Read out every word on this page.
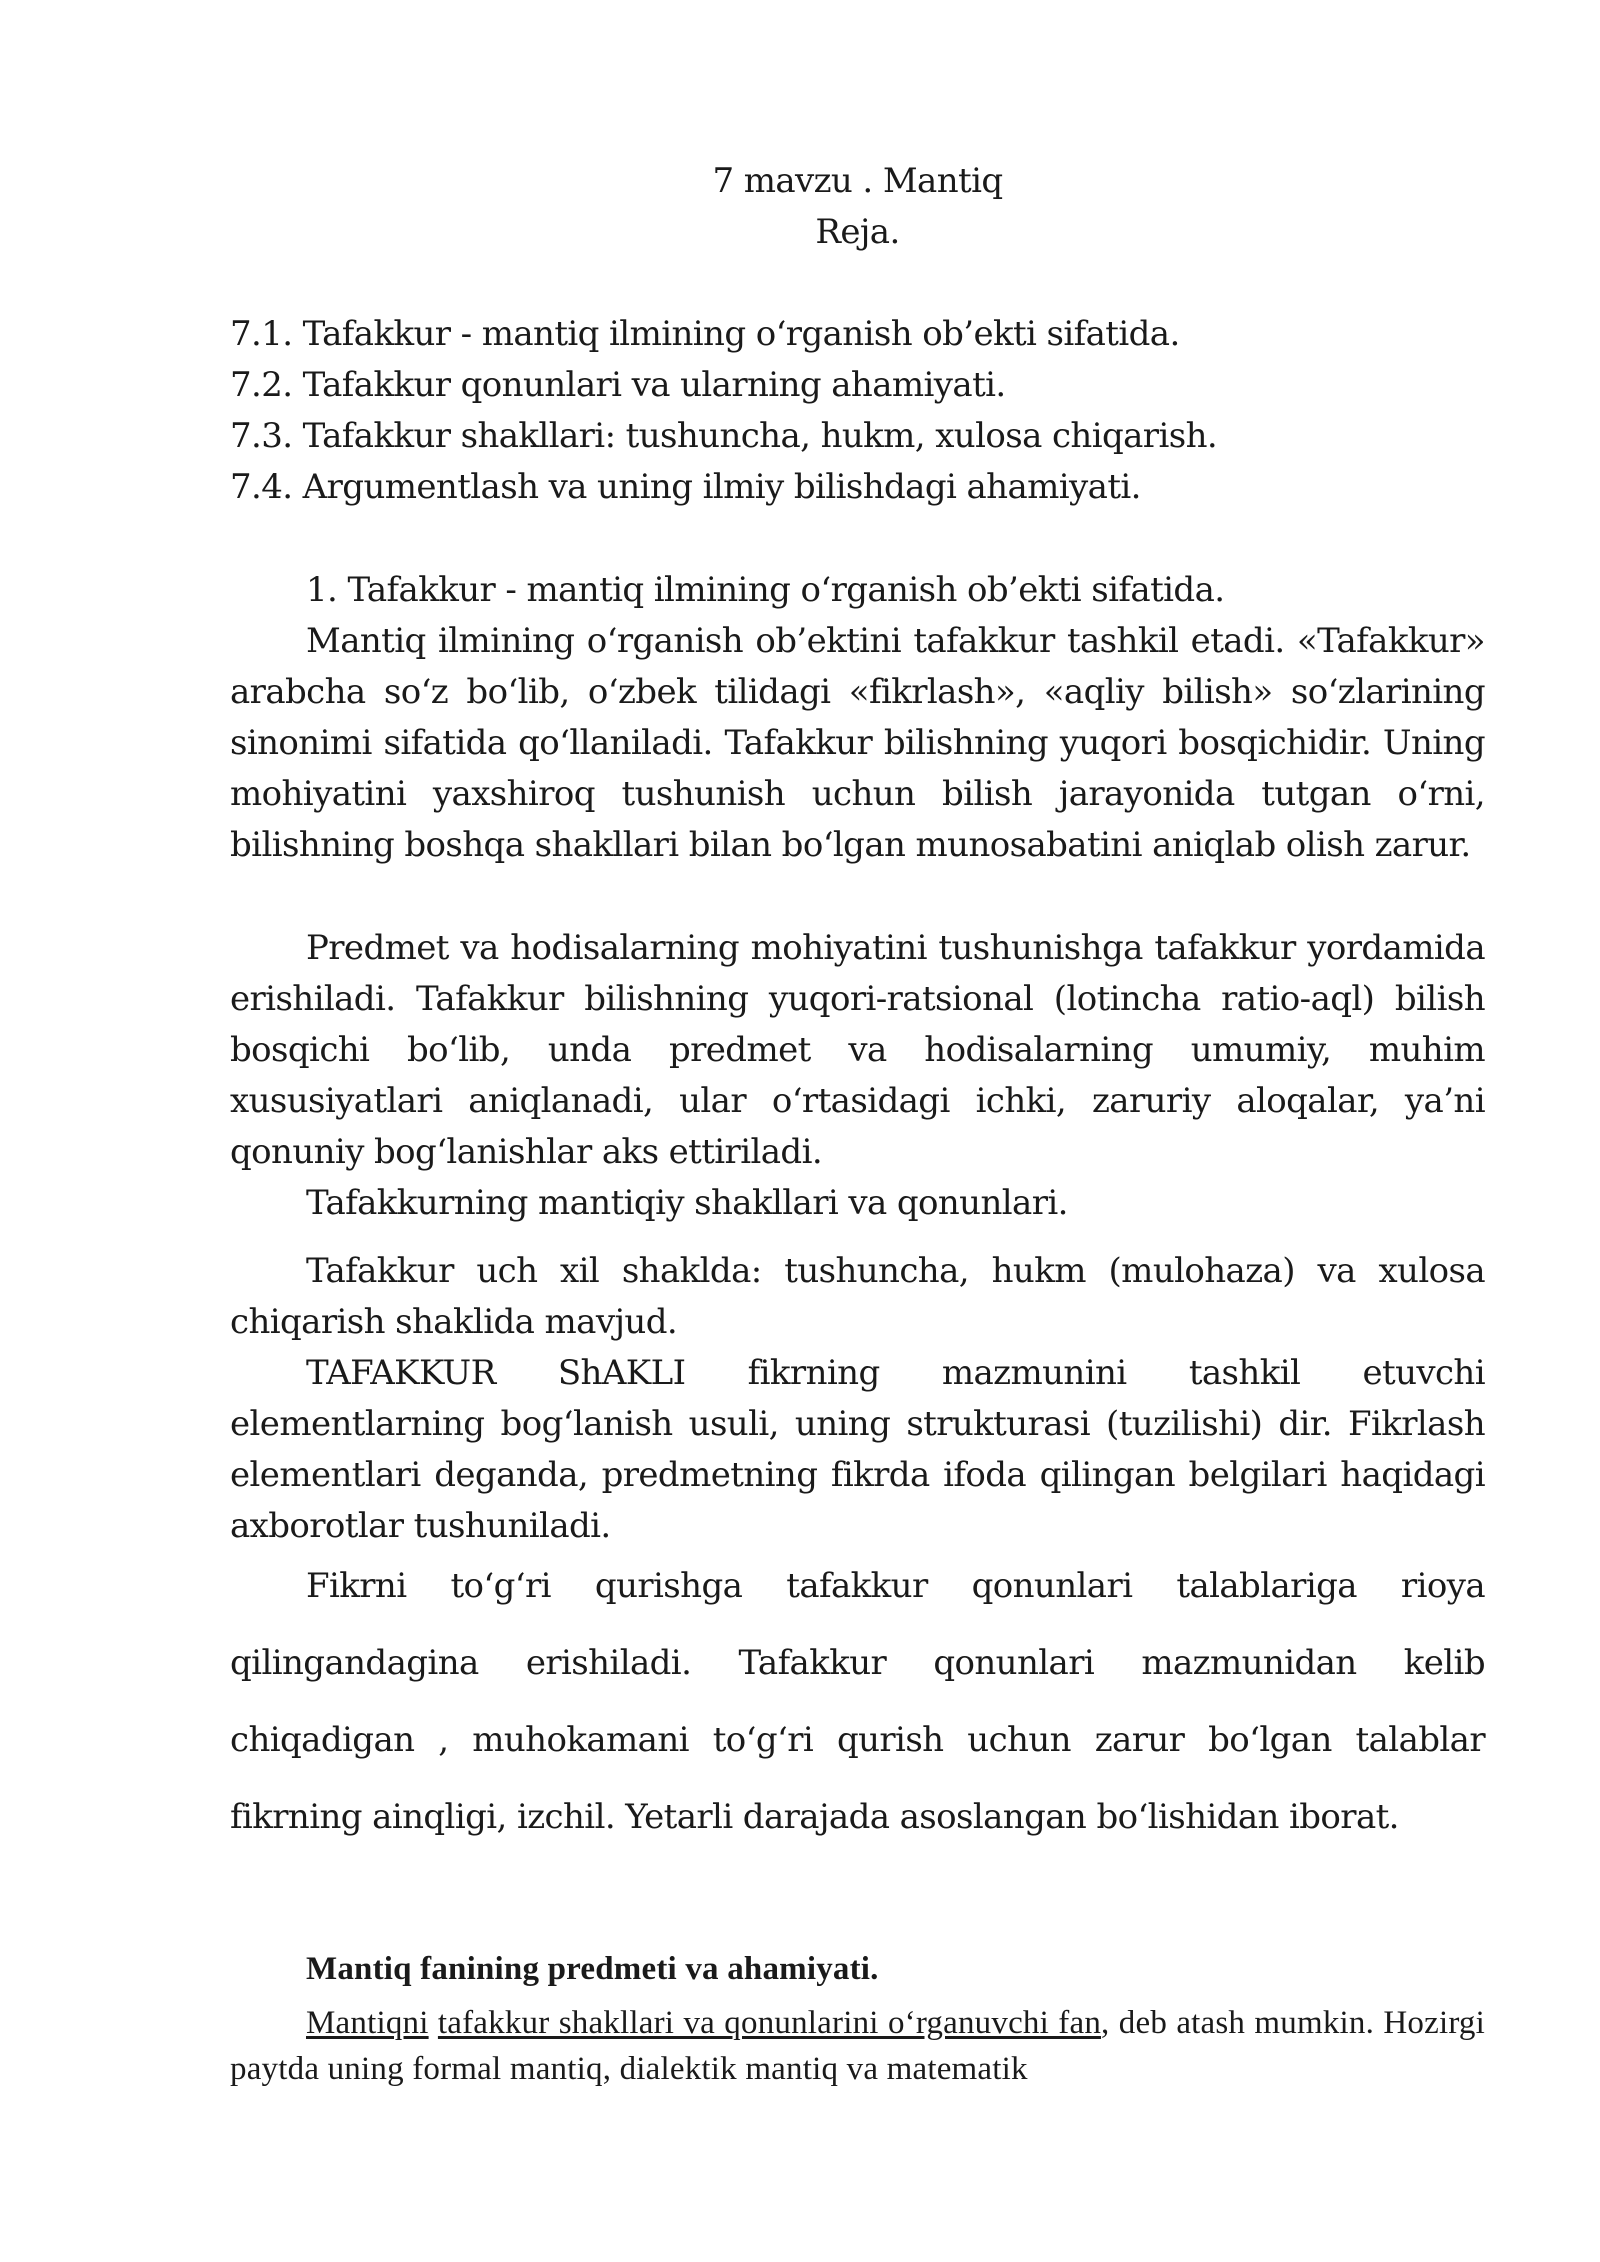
7 mavzu . Mantiq
Reja.
7.1. Tafakkur - mantiq ilmining o‘rganish ob’ekti sifatida.
7.2. Tafakkur qonunlari va ularning ahamiyati.
7.3. Tafakkur shakllari: tushuncha, hukm, xulosa chiqarish.
7.4. Argumentlash va uning ilmiy bilishdagi ahamiyati.
1. Tafakkur - mantiq ilmining o‘rganish ob’ekti sifatida.

Mantiq ilmining o‘rganish ob’ektini tafakkur tashkil etadi. «Tafakkur» arabcha so‘z bo‘lib, o‘zbek tilidagi «fikrlash», «aqliy bilish» so‘zlarining sinonimi sifatida qo‘llaniladi. Tafakkur bilishning yuqori bosqichidir. Uning mohiyatini yaxshiroq tushunish uchun bilish jarayonida tutgan o‘rni, bilishning boshqa shakllari bilan bo‘lgan munosabatini aniqlab olish zarur.

Predmet va hodisalarning mohiyatini tushunishga tafakkur yordamida erishiladi. Tafakkur bilishning yuqori-ratsional (lotincha ratio-aql) bilish bosqichi bo‘lib, unda predmet va hodisalarning umumiy, muhim xususiyatlari aniqlanadi, ular o‘rtasidagi ichki, zaruriy aloqalar, ya’ni qonuniy bog‘lanishlar aks ettiriladi.

Tafakkurning mantiqiy shakllari va qonunlari.

Tafakkur uch xil shaklda: tushuncha, hukm (mulohaza) va xulosa chiqarish shaklida mavjud.

TAFAKKUR ShAKLI fikrning mazmunini tashkil etuvchi elementlarning bog‘lanish usuli, uning strukturasi (tuzilishi) dir. Fikrlash elementlari deganda, predmetning fikrda ifoda qilingan belgilari haqidagi axborotlar tushuniladi.

Fikrni to‘g‘ri qurishga tafakkur qonunlari talablariga rioya qilingandagina erishiladi. Tafakkur qonunlari mazmunidan kelib chiqadigan , muhokamani to‘g‘ri qurish uchun zarur bo‘lgan talablar fikrning ainqligi, izchil. Yetarli darajada asoslangan bo‘lishidan iborat.

Mantiq fanining predmeti va ahamiyati.

Mantiqni tafakkur shakllari va qonunlarini o‘rganuvchi fan, deb atash mumkin. Hozirgi paytda uning formal mantiq, dialektik mantiq va matematik
